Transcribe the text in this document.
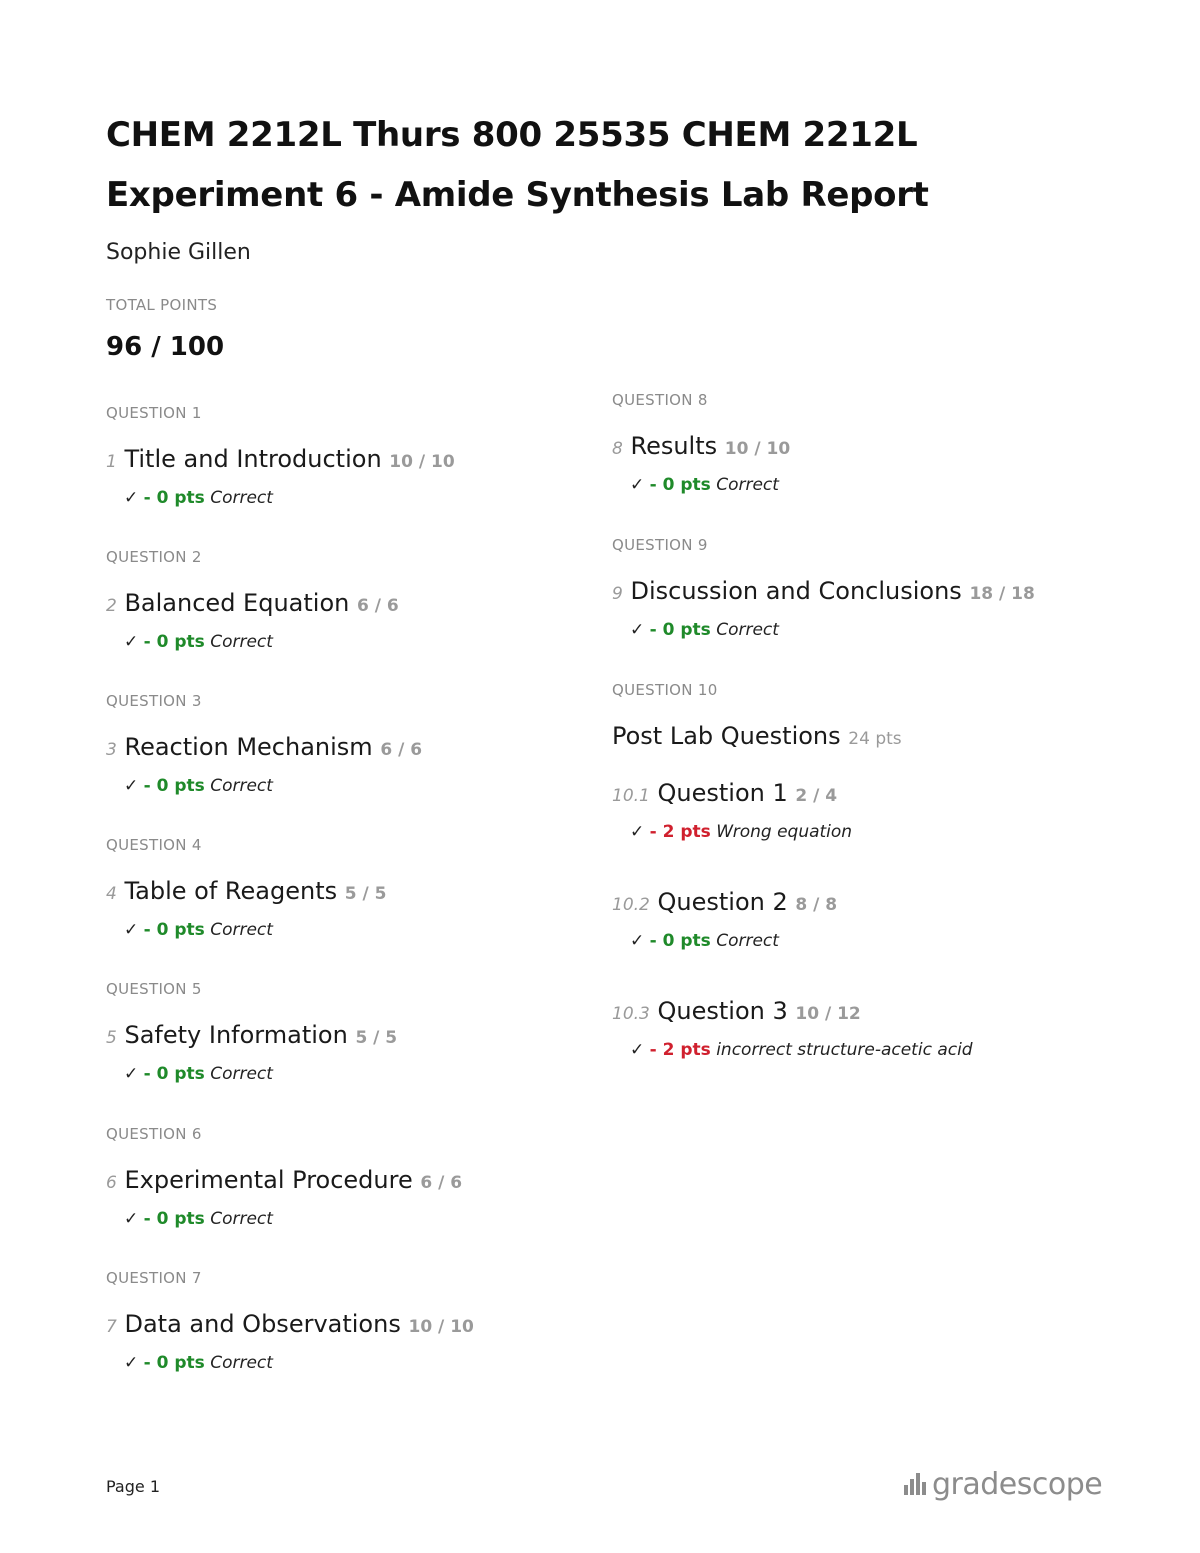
CHEM 2212L Thurs 800 25535 CHEM 2212L Experiment 6 - Amide Synthesis Lab Report
Sophie Gillen
TOTAL POINTS
96 / 100
QUESTION 1
1 Title and Introduction 10 / 10
✓ - 0 pts Correct
QUESTION 2
2 Balanced Equation 6 / 6
✓ - 0 pts Correct
QUESTION 3
3 Reaction Mechanism 6 / 6
✓ - 0 pts Correct
QUESTION 4
4 Table of Reagents 5 / 5
✓ - 0 pts Correct
QUESTION 5
5 Safety Information 5 / 5
✓ - 0 pts Correct
QUESTION 6
6 Experimental Procedure 6 / 6
✓ - 0 pts Correct
QUESTION 7
7 Data and Observations 10 / 10
✓ - 0 pts Correct
QUESTION 8
8 Results 10 / 10
✓ - 0 pts Correct
QUESTION 9
9 Discussion and Conclusions 18 / 18
✓ - 0 pts Correct
QUESTION 10
Post Lab Questions 24 pts
10.1 Question 1 2 / 4
✓ - 2 pts Wrong equation
10.2 Question 2 8 / 8
✓ - 0 pts Correct
10.3 Question 3 10 / 12
✓ - 2 pts incorrect structure-acetic acid
Page 1	gradescope
